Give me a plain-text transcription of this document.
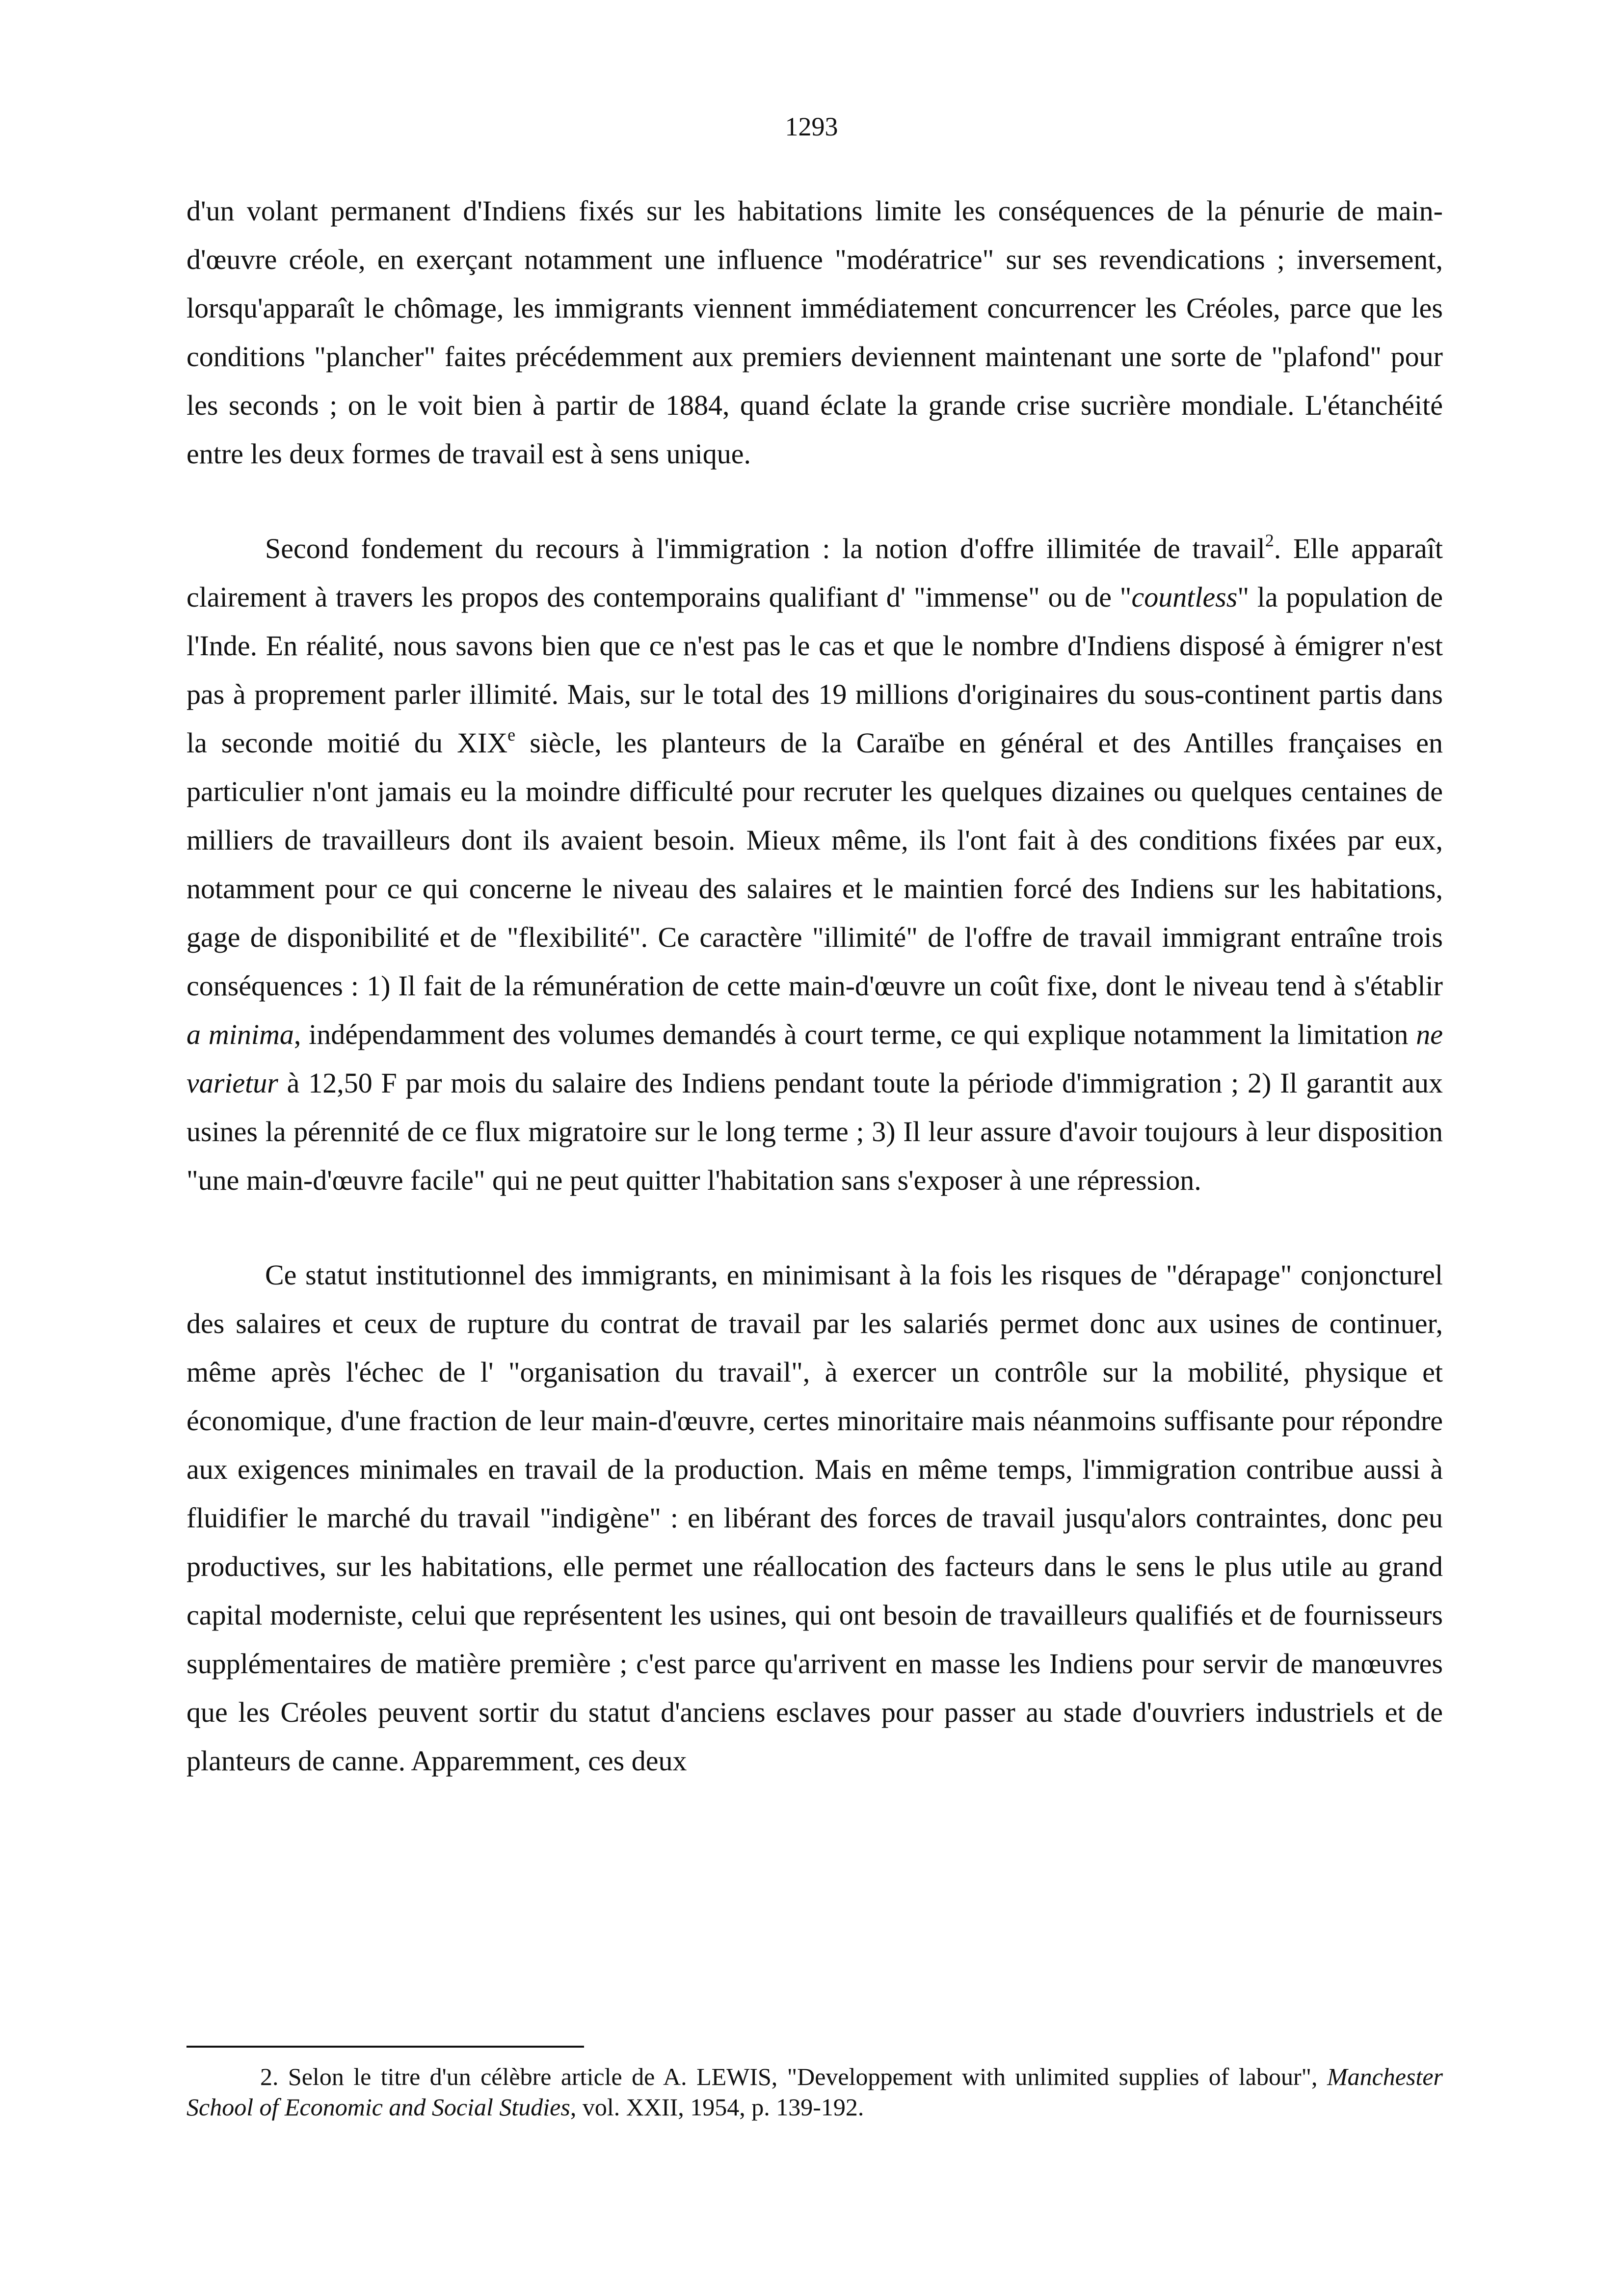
1293

d'un volant permanent d'Indiens fixés sur les habitations limite les conséquences de la pénurie de main-d'œuvre créole, en exerçant notamment une influence "modératrice" sur ses revendications ; inversement, lorsqu'apparaît le chômage, les immigrants viennent immédiatement concurrencer les Créoles, parce que les conditions "plancher" faites précédemment aux premiers deviennent maintenant une sorte de "plafond" pour les seconds ; on le voit bien à partir de 1884, quand éclate la grande crise sucrière mondiale. L'étanchéité entre les deux formes de travail est à sens unique.

Second fondement du recours à l'immigration : la notion d'offre illimitée de travail$^2$. Elle apparaît clairement à travers les propos des contemporains qualifiant d' "immense" ou de "countless" la population de l'Inde. En réalité, nous savons bien que ce n'est pas le cas et que le nombre d'Indiens disposé à émigrer n'est pas à proprement parler illimité. Mais, sur le total des 19 millions d'originaires du sous-continent partis dans la seconde moitié du XIXe siècle, les planteurs de la Caraïbe en général et des Antilles françaises en particulier n'ont jamais eu la moindre difficulté pour recruter les quelques dizaines ou quelques centaines de milliers de travailleurs dont ils avaient besoin. Mieux même, ils l'ont fait à des conditions fixées par eux, notamment pour ce qui concerne le niveau des salaires et le maintien forcé des Indiens sur les habitations, gage de disponibilité et de "flexibilité". Ce caractère "illimité" de l'offre de travail immigrant entraîne trois conséquences : 1) Il fait de la rémunération de cette main-d'œuvre un coût fixe, dont le niveau tend à s'établir a minima, indépendamment des volumes demandés à court terme, ce qui explique notamment la limitation ne varietur à 12,50 F par mois du salaire des Indiens pendant toute la période d'immigration ; 2) Il garantit aux usines la pérennité de ce flux migratoire sur le long terme ; 3) Il leur assure d'avoir toujours à leur disposition "une main-d'œuvre facile" qui ne peut quitter l'habitation sans s'exposer à une répression.

Ce statut institutionnel des immigrants, en minimisant à la fois les risques de "dérapage" conjoncturel des salaires et ceux de rupture du contrat de travail par les salariés permet donc aux usines de continuer, même après l'échec de l' "organisation du travail", à exercer un contrôle sur la mobilité, physique et économique, d'une fraction de leur main-d'œuvre, certes minoritaire mais néanmoins suffisante pour répondre aux exigences minimales en travail de la production. Mais en même temps, l'immigration contribue aussi à fluidifier le marché du travail "indigène" : en libérant des forces de travail jusqu'alors contraintes, donc peu productives, sur les habitations, elle permet une réallocation des facteurs dans le sens le plus utile au grand capital moderniste, celui que représentent les usines, qui ont besoin de travailleurs qualifiés et de fournisseurs supplémentaires de matière première ; c'est parce qu'arrivent en masse les Indiens pour servir de manœuvres que les Créoles peuvent sortir du statut d'anciens esclaves pour passer au stade d'ouvriers industriels et de planteurs de canne. Apparemment, ces deux

2. Selon le titre d'un célèbre article de A. LEWIS, "Developpement with unlimited supplies of labour", Manchester School of Economic and Social Studies, vol. XXII, 1954, p. 139-192.
